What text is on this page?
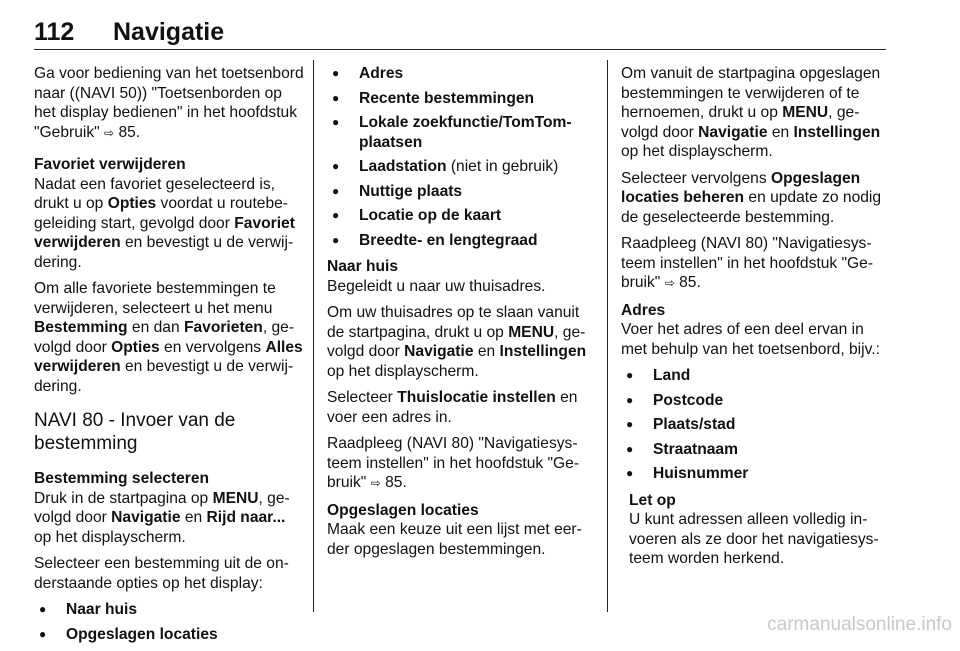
112 Navigatie

Ga voor bediening van het toetsenbord naar ((NAVI 50)) "Toetsenborden op het display bedienen" in het hoofdstuk "Gebruik" ⇨ 85.

Favoriet verwijderen

Nadat een favoriet geselecteerd is, drukt u op Opties voordat u routebegeleiding start, gevolgd door Favoriet verwijderen en bevestigt u de verwijdering.

Om alle favoriete bestemmingen te verwijderen, selecteert u het menu Bestemming en dan Favorieten, gevolgd door Opties en vervolgens Alles verwijderen en bevestigt u de verwijdering.

NAVI 80 - Invoer van de bestemming

Bestemming selecteren

Druk in de startpagina op MENU, gevolgd door Navigatie en Rijd naar... op het displayscherm.

Selecteer een bestemming uit de onderstaande opties op het display:

● Naar huis
● Opgeslagen locaties
● Adres
● Recente bestemmingen
● Lokale zoekfunctie/TomTom-plaatsen
● Laadstation (niet in gebruik)
● Nuttige plaats
● Locatie op de kaart
● Breedte- en lengtegraad

Naar huis

Begeleidt u naar uw thuisadres.

Om uw thuisadres op te slaan vanuit de startpagina, drukt u op MENU, gevolgd door Navigatie en Instellingen op het displayscherm.

Selecteer Thuislocatie instellen en voer een adres in.

Raadpleeg (NAVI 80) "Navigatiesysteem instellen" in het hoofdstuk "Gebruik" ⇨ 85.

Opgeslagen locaties

Maak een keuze uit een lijst met eerder opgeslagen bestemmingen.

Om vanuit de startpagina opgeslagen bestemmingen te verwijderen of te hernoemen, drukt u op MENU, gevolgd door Navigatie en Instellingen op het displayscherm.

Selecteer vervolgens Opgeslagen locaties beheren en update zo nodig de geselecteerde bestemming.

Raadpleeg (NAVI 80) "Navigatiesysteem instellen" in het hoofdstuk "Gebruik" ⇨ 85.

Adres

Voer het adres of een deel ervan in met behulp van het toetsenbord, bijv.:

● Land
● Postcode
● Plaats/stad
● Straatnaam
● Huisnummer

Let op

U kunt adressen alleen volledig invoeren als ze door het navigatiesysteem worden herkend.

carmanualsonline.info
